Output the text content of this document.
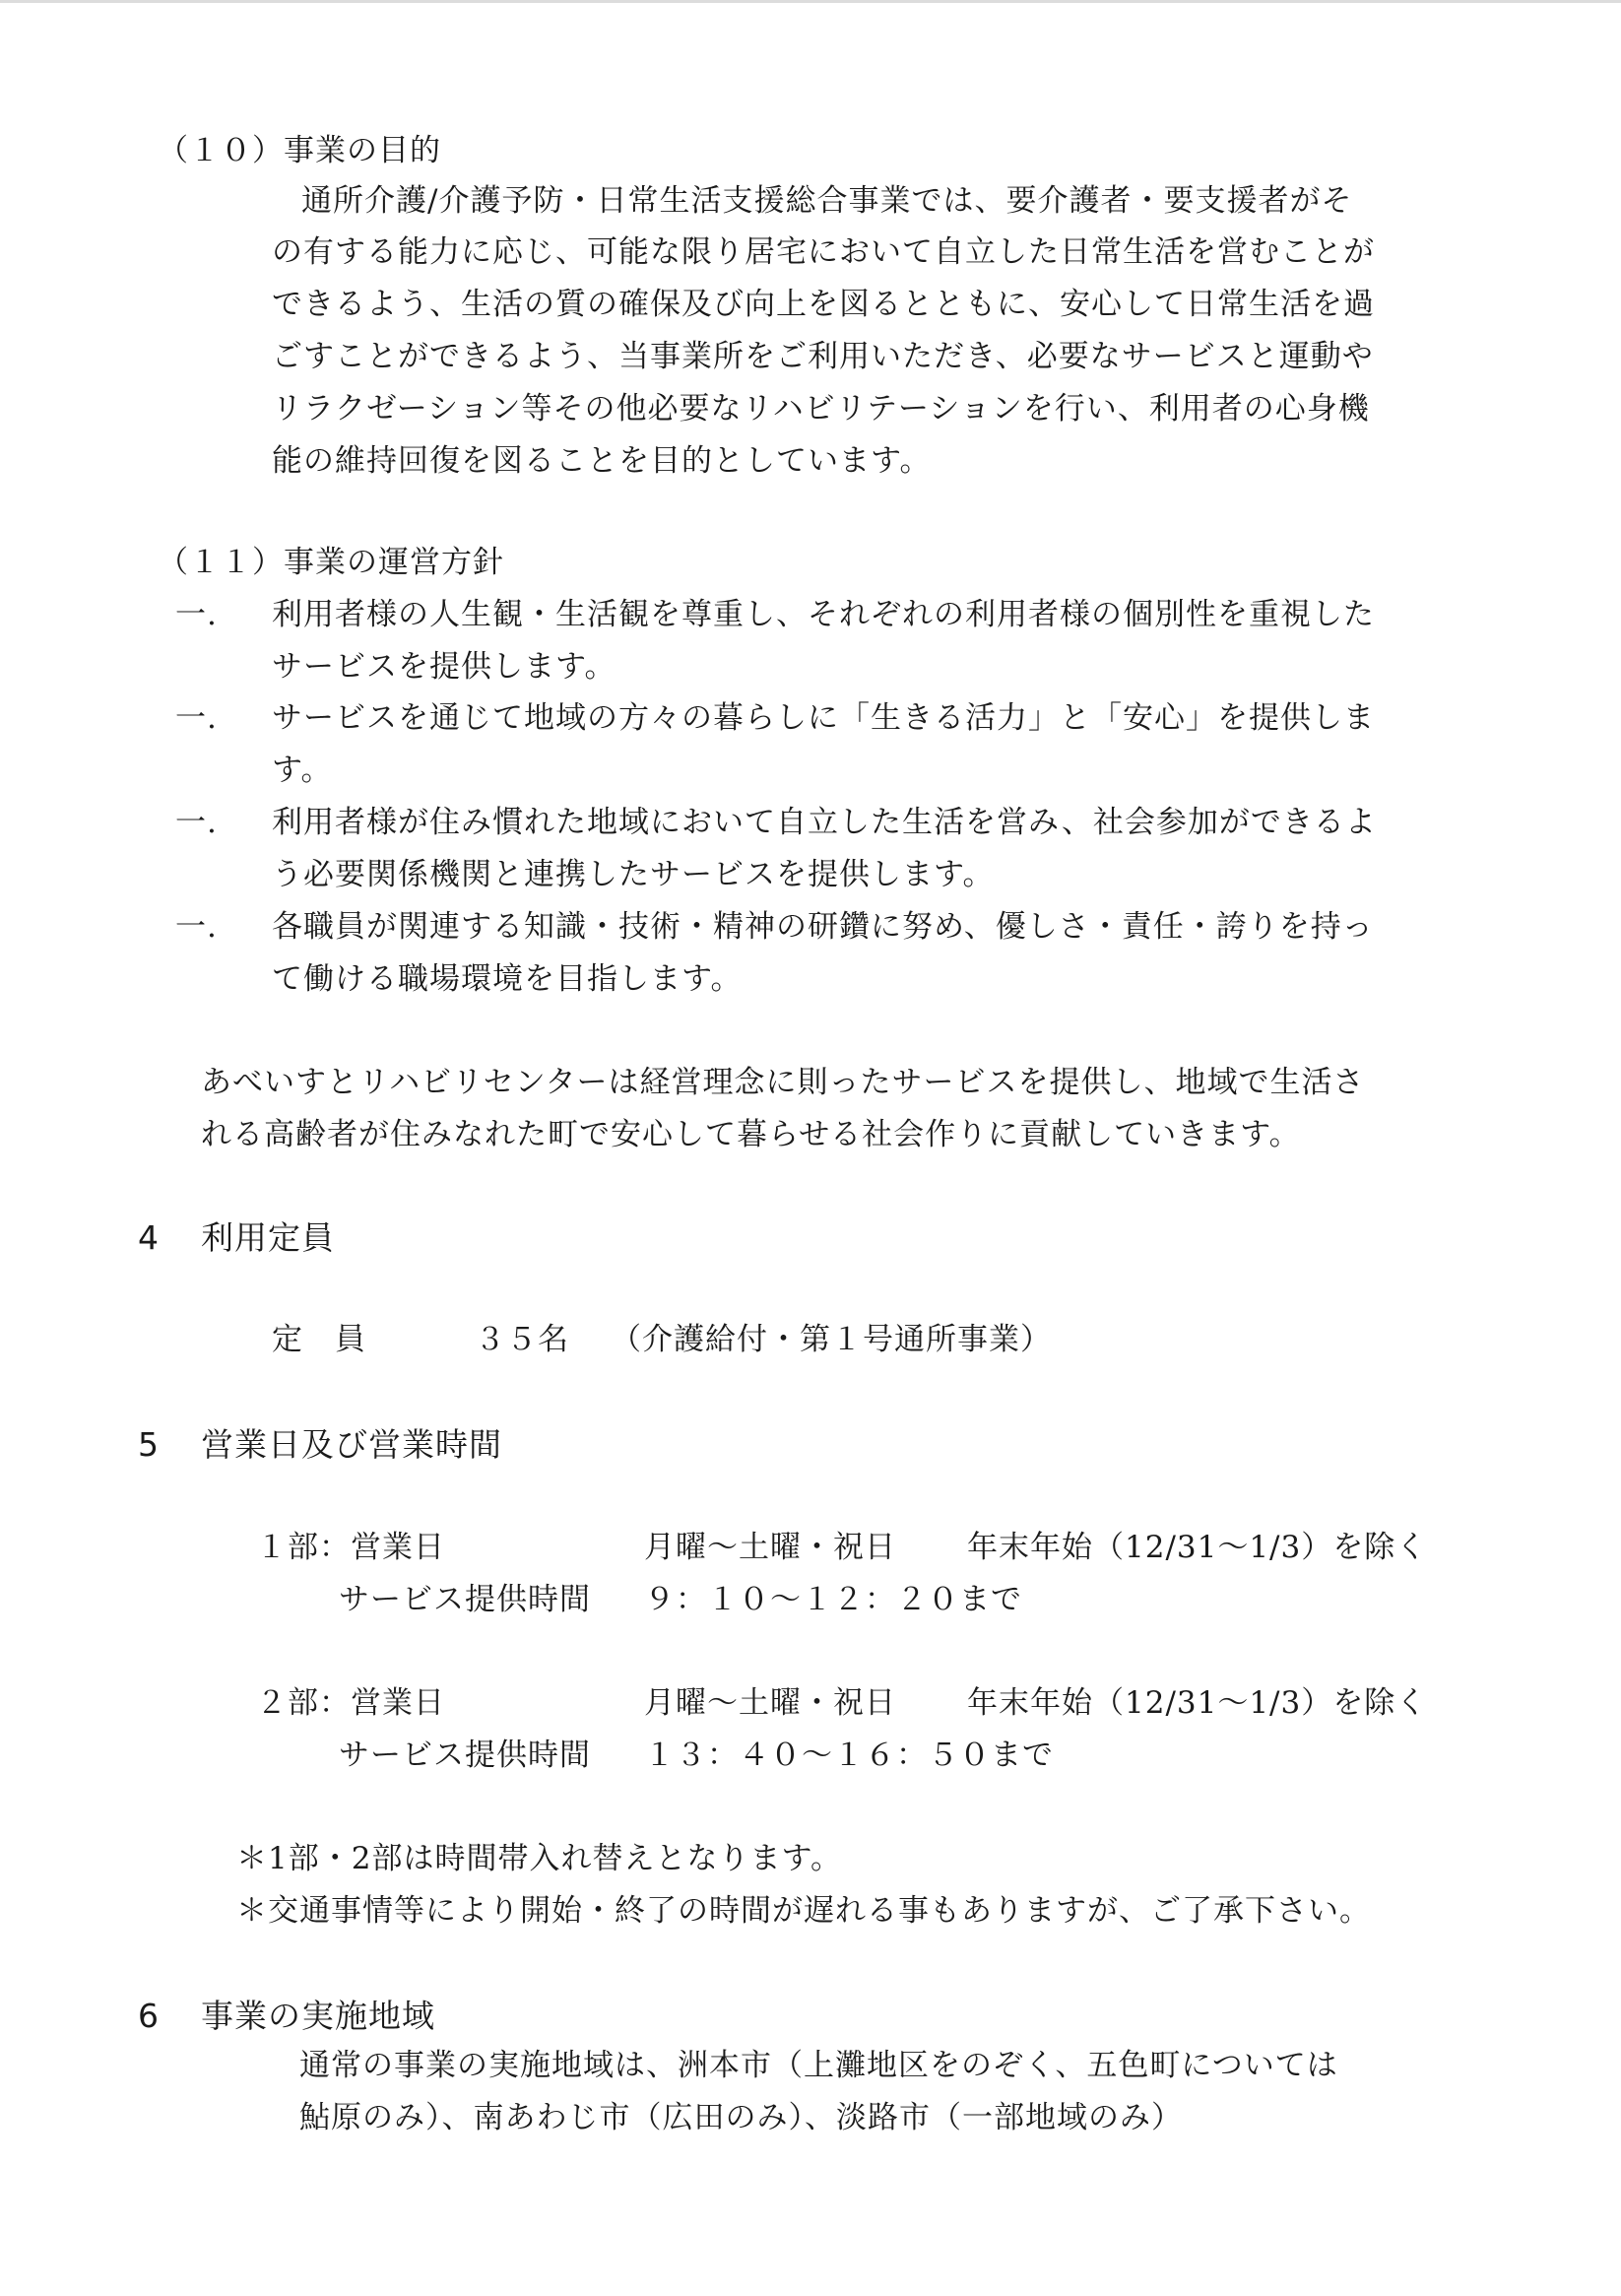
（１０）事業の目的
通所介護/介護予防・日常生活支援総合事業では、要介護者・要支援者がそ
の有する能力に応じ、可能な限り居宅において自立した日常生活を営むことが
できるよう、生活の質の確保及び向上を図るとともに、安心して日常生活を過
ごすことができるよう、当事業所をご利用いただき、必要なサービスと運動や
リラクゼーション等その他必要なリハビリテーションを行い、利用者の心身機
能の維持回復を図ることを目的としています。
（１１）事業の運営方針
一. 利用者様の人生観・生活観を尊重し、それぞれの利用者様の個別性を重視した
サービスを提供します。
一. サービスを通じて地域の方々の暮らしに「生きる活力」と「安心」を提供しま
す。
一. 利用者様が住み慣れた地域において自立した生活を営み、社会参加ができるよ
う必要関係機関と連携したサービスを提供します。
一. 各職員が関連する知識・技術・精神の研鑽に努め、優しさ・責任・誇りを持っ
て働ける職場環境を目指します。
あべいすとリハビリセンターは経営理念に則ったサービスを提供し、地域で生活さ
れる高齢者が住みなれた町で安心して暮らせる社会作りに貢献していきます。
4 利用定員
定　員	３５名 （介護給付・第１号通所事業）
5 営業日及び営業時間
１部：営業日	月曜～土曜・祝日 年末年始（12/31～1/3）を除く
サービス提供時間 ９：１０～１２：２０まで
２部：営業日	月曜～土曜・祝日 年末年始（12/31～1/3）を除く
サービス提供時間 １３：４０～１６：５０まで
＊1部・2部は時間帯入れ替えとなります。
＊交通事情等により開始・終了の時間が遅れる事もありますが、ご了承下さい。
6 事業の実施地域
通常の事業の実施地域は、洲本市（上灘地区をのぞく、五色町については
鮎原のみ）、南あわじ市（広田のみ）、淡路市（一部地域のみ）
